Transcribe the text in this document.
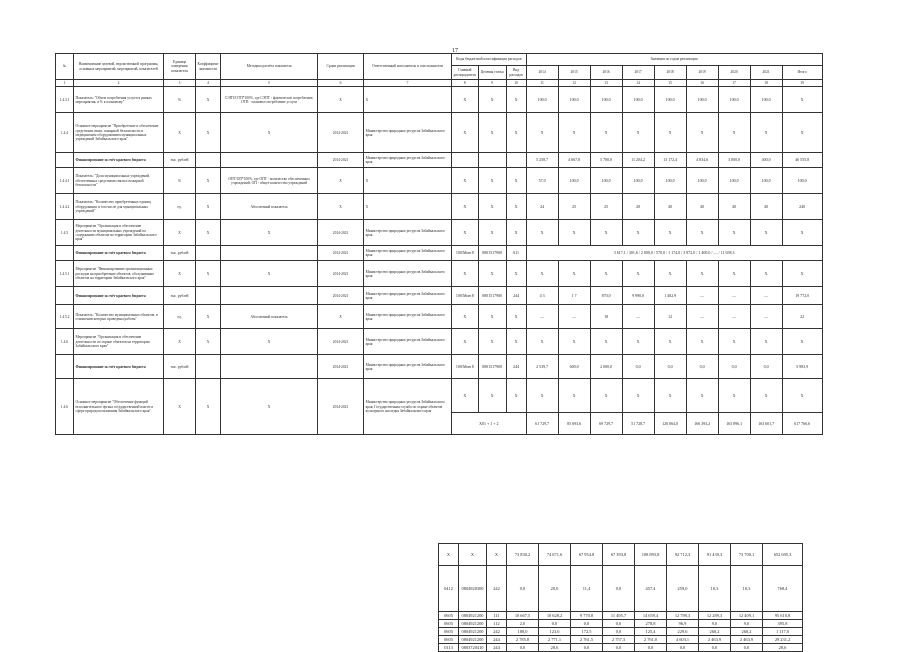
17
№	Наименование целевой, ведомственной программы, основных мероприятий, мероприятий, показателей	Единица измерения показателя	Коэффициент значимости	Методика расчёта показателя	Сроки реализации	Ответственный исполнитель и соисполнители	Коды бюджетной классификации расходов			Значения по годам реализации								
							Главный распорядитель	Целевая статья	Вид расходов	2014	2015	2016	2017	2018	2019	2020	2021	Итого
1	2	3	4	5	6	7	8	9	10	11	12	13	14	15	16	17	18	19
1.4.3.1	Показатель: "Объем потребления услуги в рамках мероприятия, в % к плановому"	%	X	СЭПТ/ОТП*100%, где СЭПТ - фактическое потребление; ОТП - плановое потребление услуги	X	X	X	X	X	100,0	100,0	100,0	100,0	100,0	100,0	100,0	100,0	X
1.4.4	Основное мероприятие "Приобретение и обеспечение средствами связи, пожарной безопасности и медицинским оборудованием муниципальных учреждений Забайкальского края"	X	X	X	2014-2021	Министерство природных ресурсов Забайкальского края	X	X	X	X	X	X	X	X	X	X	X	X
	Финансирование за счёт краевого бюджета	тыс. рублей			2014-2021	Министерство природных ресурсов Забайкальского края				5 258,7	4 667,8	5 700,0	11 204,2	13 172,4	4 834,6	3 000,0	400,0	46 555,8
1.4.4.1	Показатель: "Доля муниципальных учреждений, обеспеченных средствами связи и пожарной безопасности"	%	X	ОПТ/ОП*100%, где ОПТ - количество обеспеченных учреждений; ОП - общее количество учреждений	X	X	X	X	X	57,0	100,0	100,0	100,0	100,0	100,0	100,0	100,0	100,0
1.4.4.2	Показатель: "Количество приобретенных единиц оборудования, в том числе для муниципальных учреждений"	ед.	X	Абсолютный показатель	X	X	X	X	X	24	25	25	20	40	40	40	40	240
1.4.5	Мероприятие "Организация и обеспечение деятельности муниципальных учреждений по содержанию объектов на территории Забайкальского края"	X	X	X	2014-2021	Министерство природных ресурсов Забайкальского края	X	X	X	X	X	X	X	X	X	X	X	X
	Финансирование за счёт краевого бюджета	тыс. рублей			2014-2021	Министерство природных ресурсов Забайкальского края	100/Мин 8	0801517900	611	3 617,1 / 301,6 / 2 000,0 / 570,0 / 1 174,0 / 3 872,0 / 1 400,0 / — / 11 658,3								
1.4.5.1	Мероприятие "Финансирование организационных расходов на приобретение объектов, обслуживание объектов на территории Забайкальского края"	X	X	X	2014-2021	Министерство природных ресурсов Забайкальского края	X	X	X	X	X	X	X	X	X	X	X	X
	Финансирование за счёт краевого бюджета	тыс. рублей			2014-2021	Министерство природных ресурсов Забайкальского края	100/Мин 8	0801517900	244	4 3	1 7	870,0	9 990,0	1 402,9	—	—	—	19 772,0
1.4.5.2	Показатель: "Количество муниципальных объектов, в отношении которых проведены работы"	ед.	X	Абсолютный показатель	X	Министерство природных ресурсов Забайкальского края	X	X	X	—	—	18	—	12	—	—	—	22
1.4.6	Мероприятие "Организация и обеспечение деятельности по охране объектов на территории Забайкальского края"	X	X	X	2014-2021	Министерство природных ресурсов Забайкальского края	X	X	X	X	X	X	X	X	X	X	X	X
	Финансирование за счёт краевого бюджета	тыс. рублей			2014-2021	Министерство природных ресурсов Забайкальского края	100/Мин 8	0801517900	244	2 539,7	600,0	2 000,0	0,0	0,0	0,0	0,0	0,0	5 983,9
1.4.6	Основное мероприятие "Обеспечение функций исполнительного органа государственной власти в сфере природопользования Забайкальского края"	X	X	X	2014-2021	Министерство природных ресурсов Забайкальского края; Государственная служба по охране объектов культурного наследия Забайкальского края	X	X	X	X	X	X	X	X	X	X	X	X
							X01 + 1 + 2			61 729,7	85 693,6	69 729,7	51 728,7	120 064,0	166 393,2	163 896,1	163 601,7	617 766,6
X	X	X	73 830,2	74 671,6	67 954,8	67 393,8	108 893,8	92 712,3	91 439,3	73 700,1	652 695,3
0412	0804920300	242	0,0	20,0	11,4	0,0	457,4	259,0	10,3	10,3	768,4
0605	0804921200	111	10 667,5	10 628,2	9 770,8	11 495,7	14 659,4	12 789,3	12 289,3	12 409,1	95 610,8
0605	0804921200	112	2,0	0,0	0,0	0,0	278,8	96,9	9,0	9,0	395,8
0605	0804921200	242	188,0	123,6	172,5	0,0	125,4	229,6	260,2	260,2	1 117,0
0605	0804921200	244	2 785,8	2 771,1	2 761,5	2 757,3	2 761,0	4 603,1	2 463,9	2 463,9	29 231,2
0113	0803720410	244	0,0	28,6	0,0	0,0	0,0	0,0	0,0	0,0	28,6
